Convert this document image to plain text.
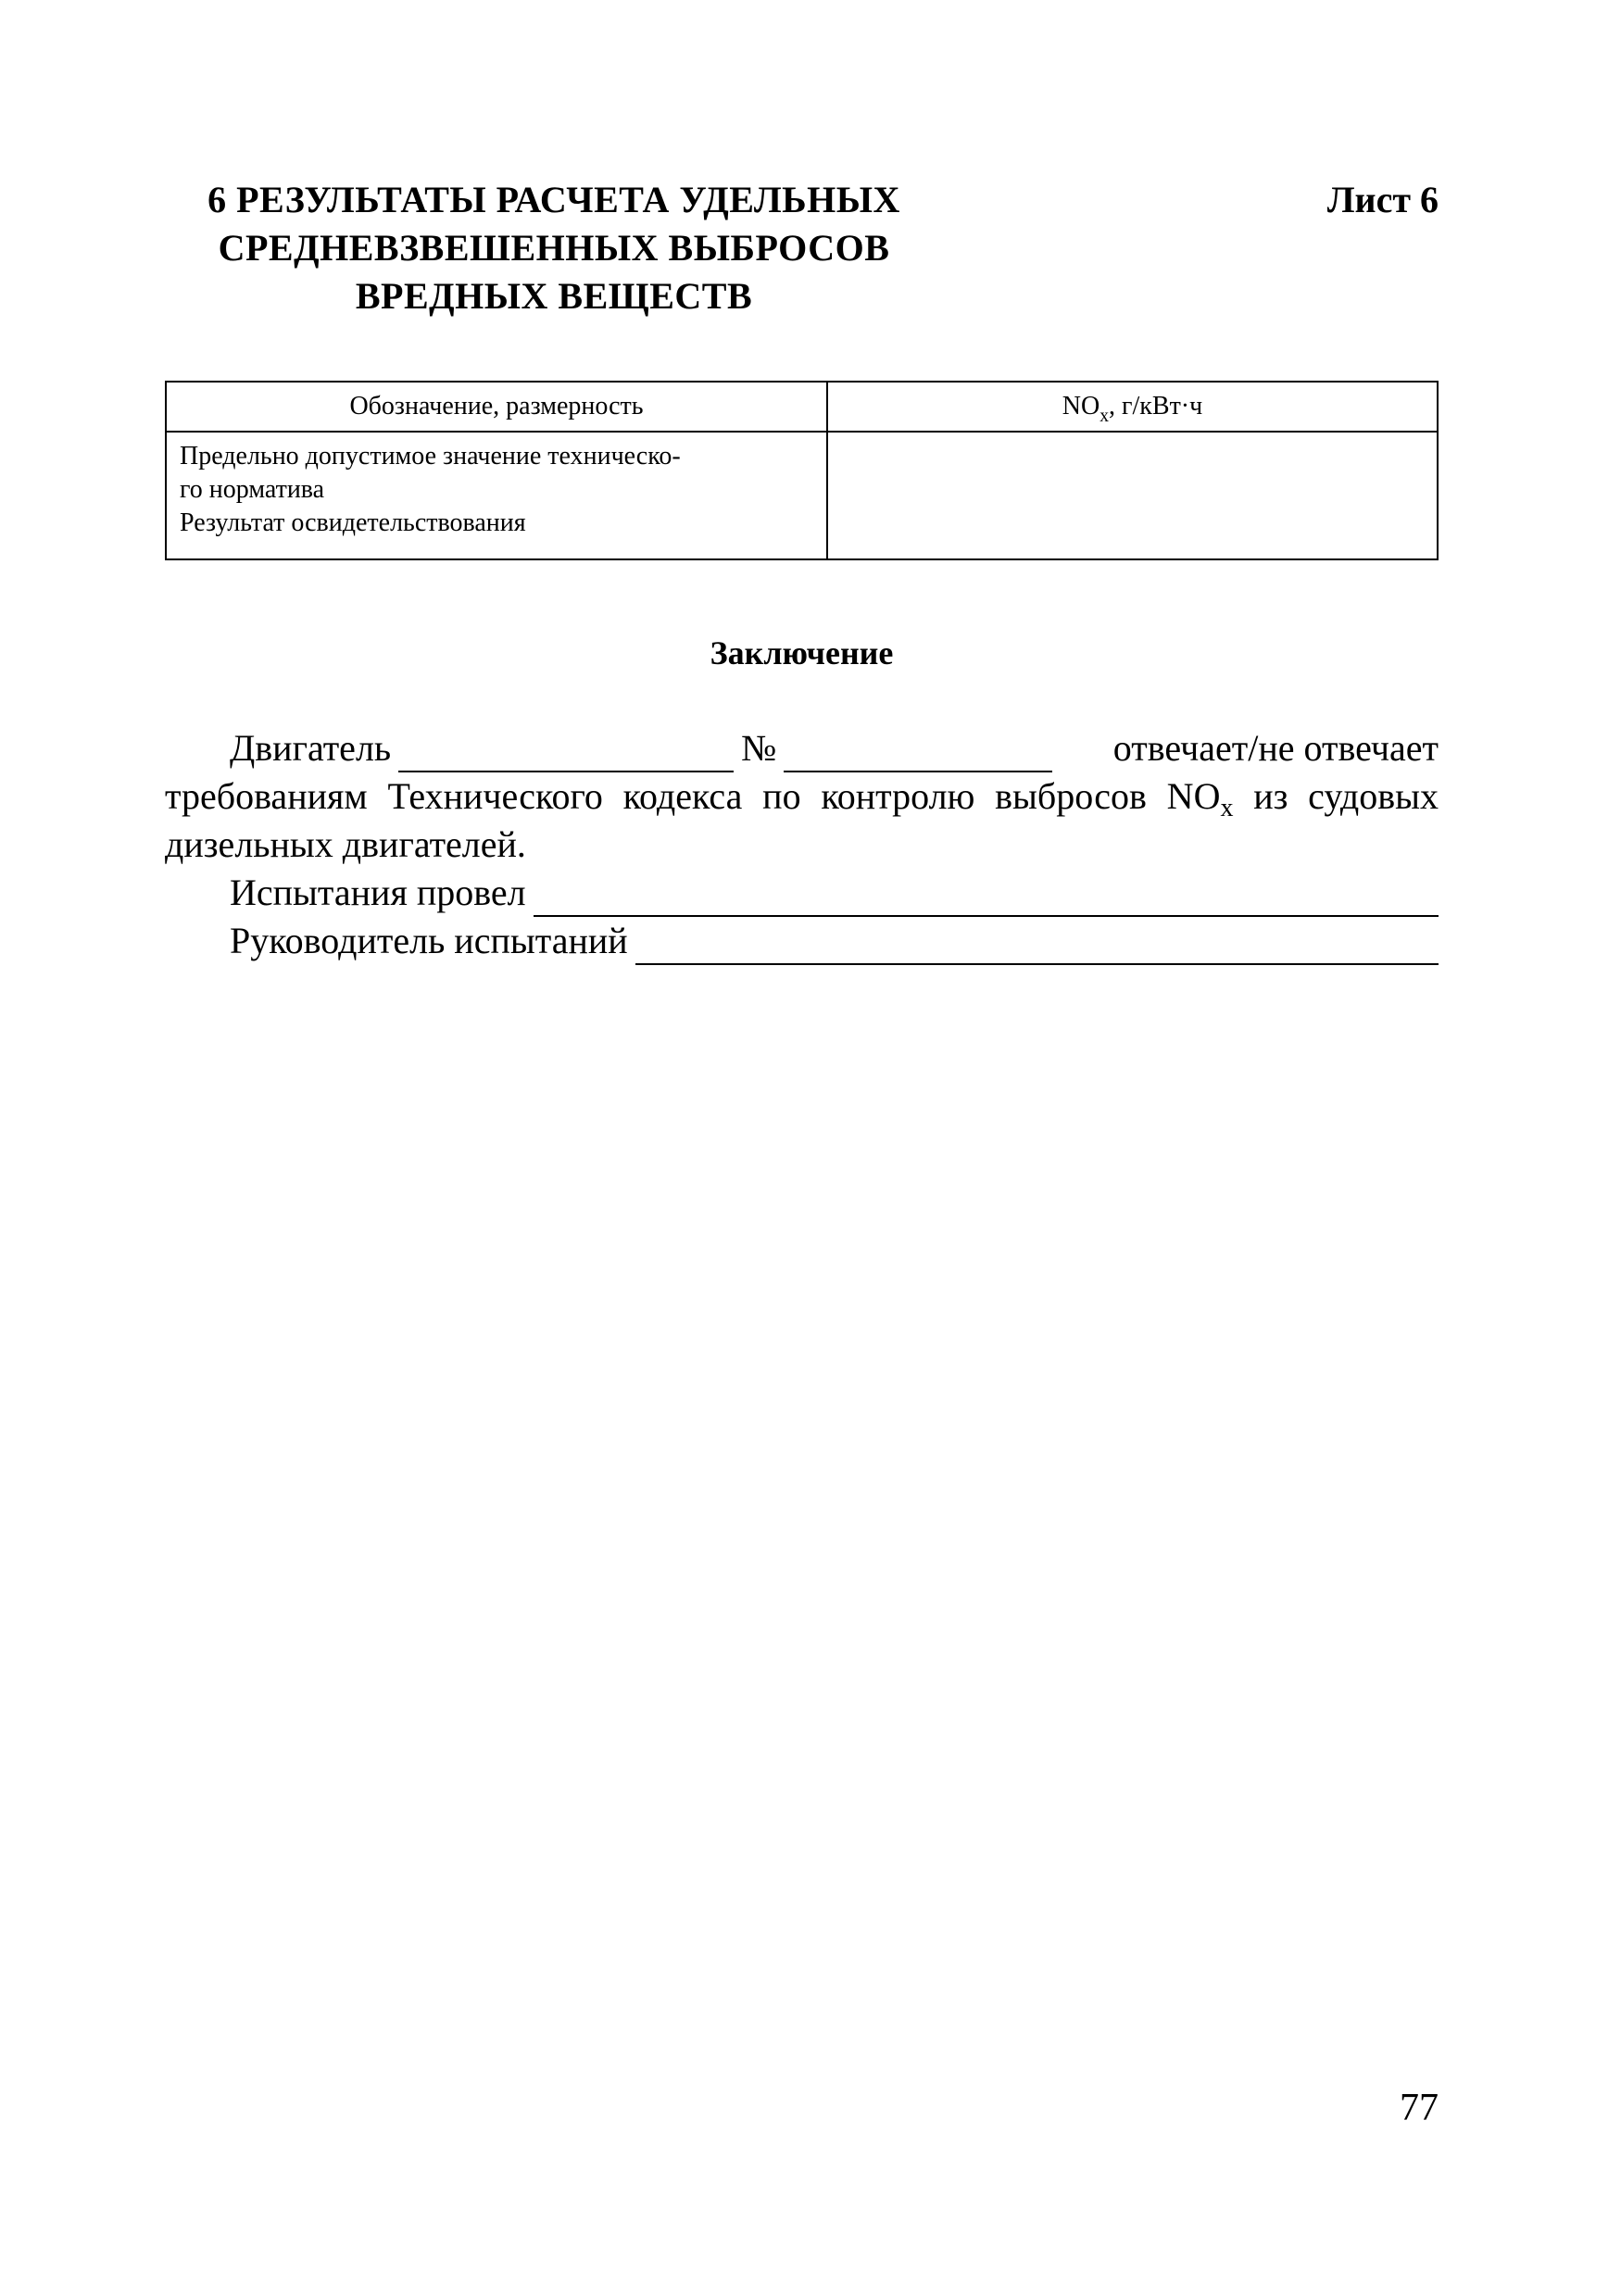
6 РЕЗУЛЬТАТЫ РАСЧЕТА УДЕЛЬНЫХ
СРЕДНЕВЗВЕШЕННЫХ ВЫБРОСОВ
ВРЕДНЫХ ВЕЩЕСТВ
Лист 6
Обозначение, размерность	$NO_x$, г/кВт·ч

Предельно допустимое значение техническо-
го норматива
Результат освидетельствования	

Заключение
Двигатель	№	отвечает/не отвечает
требованиям Технического кодекса по контролю выбросов $NO_x$ из судовых
дизельных двигателей.
Испытания провел
Руководитель испытаний
77
